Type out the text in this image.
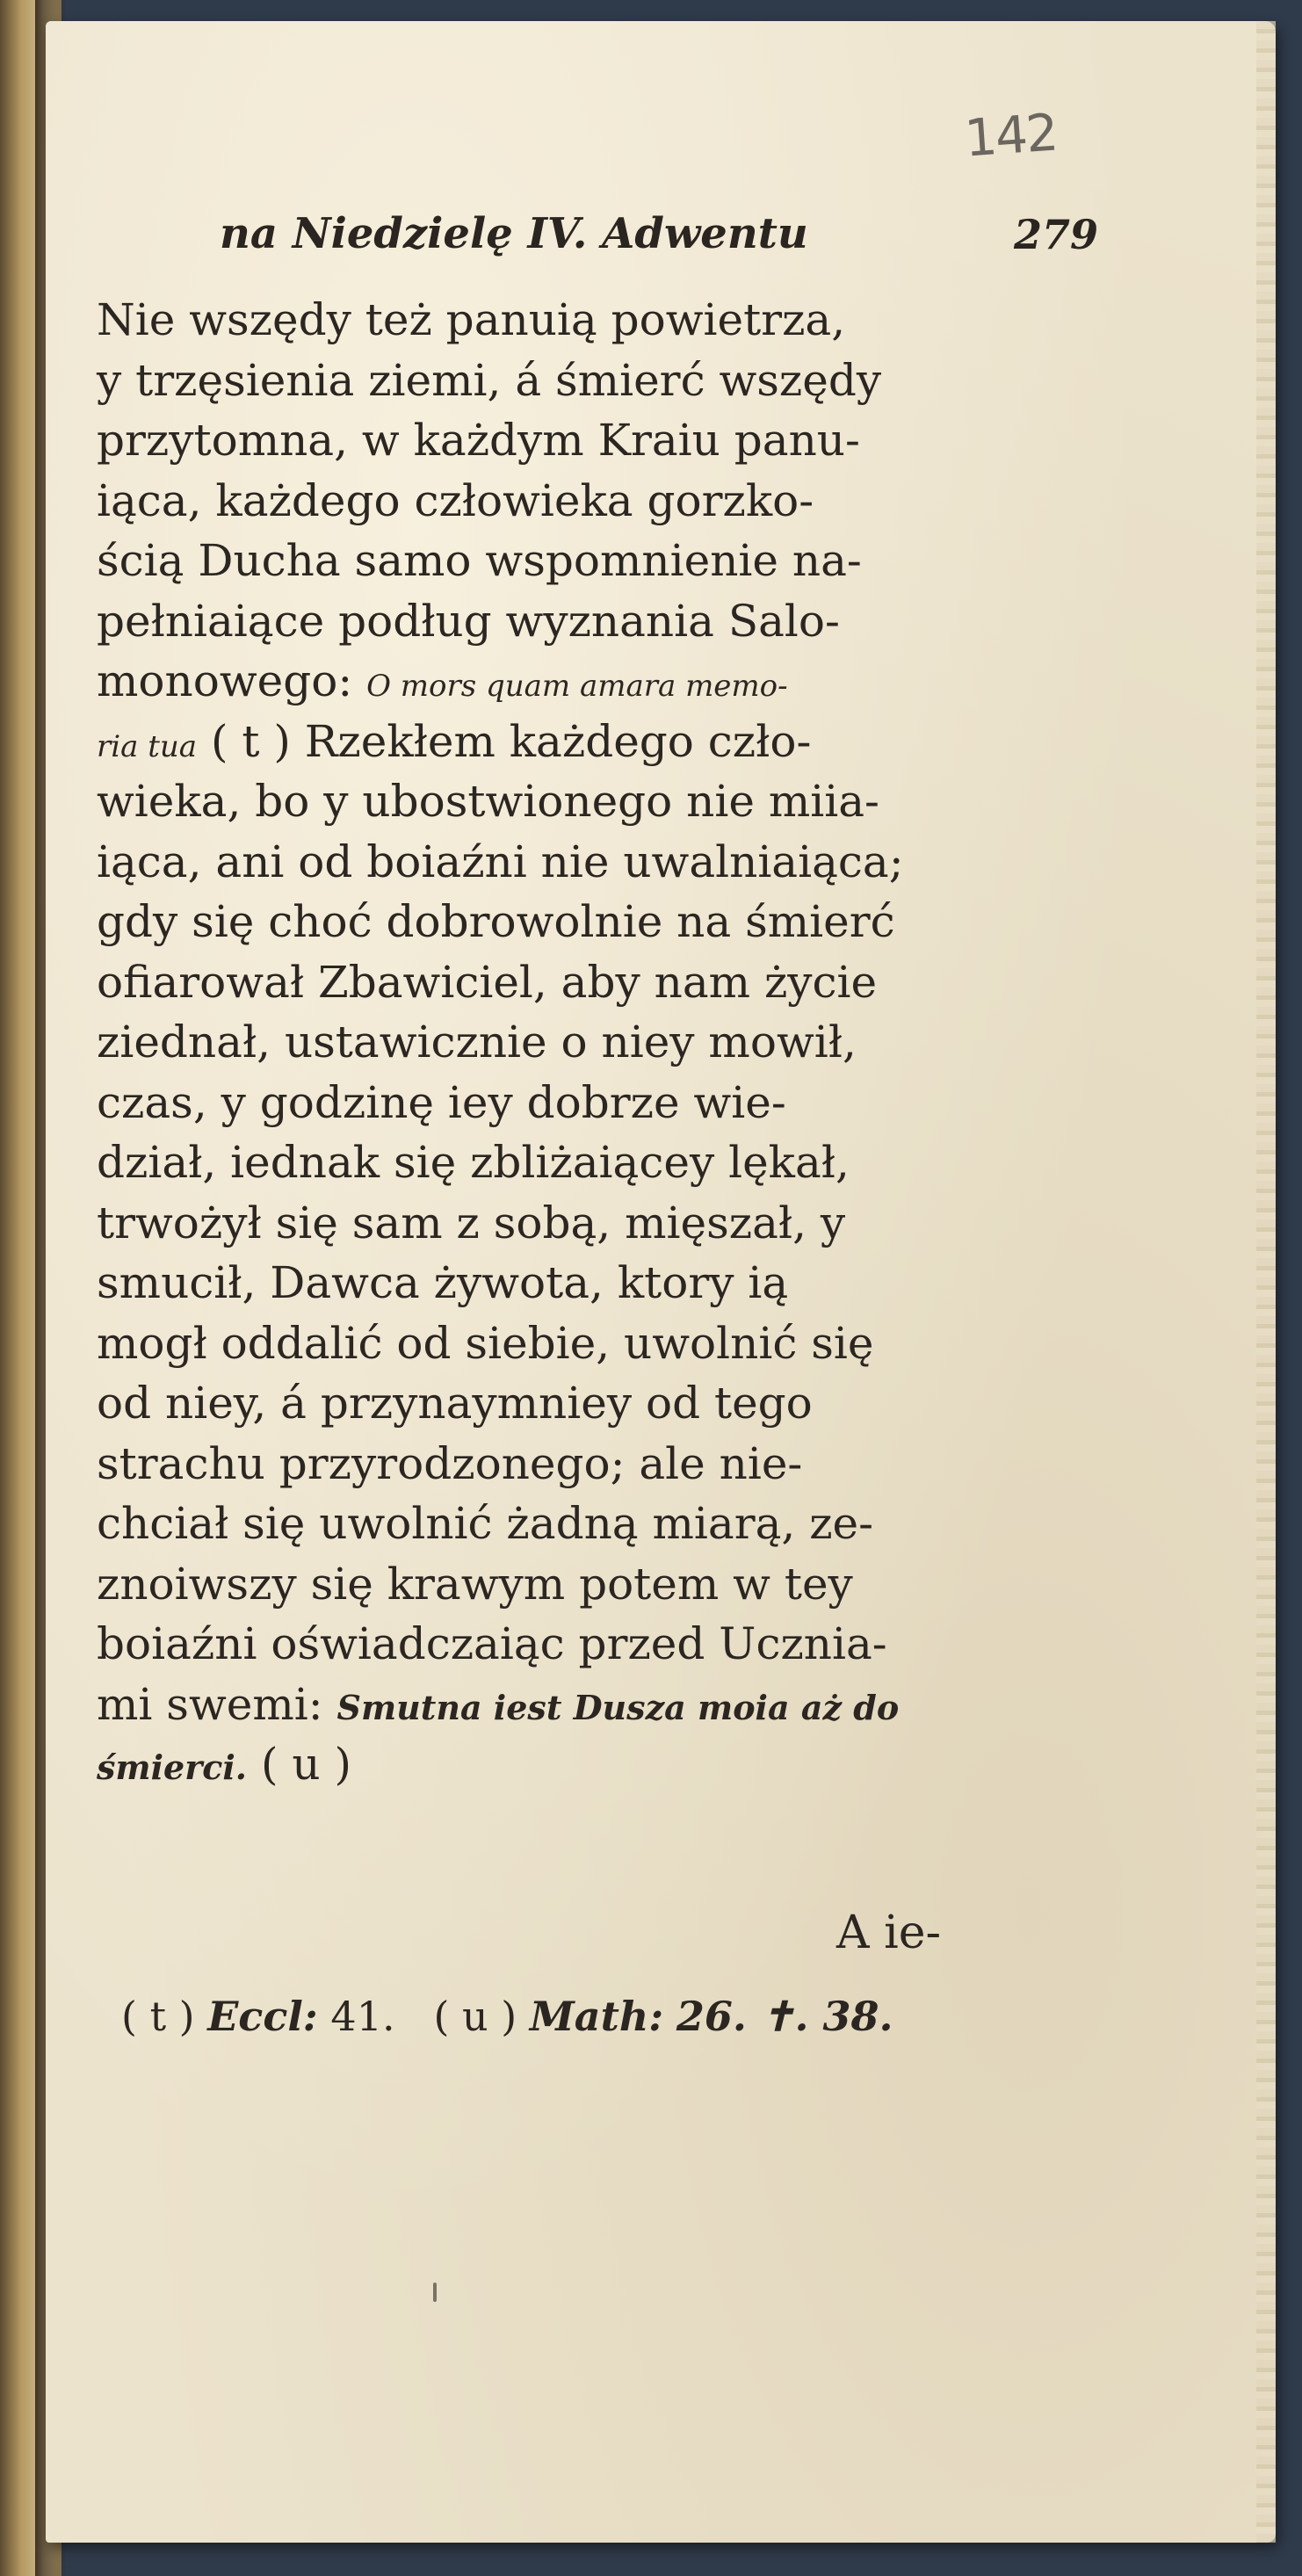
142
na Niedzielę IV. Adwentu	279
Nie wszędy też panuią powietrza,
y trzęsienia ziemi, á śmierć wszędy
przytomna, w każdym Kraiu panu-
iąca, każdego człowieka gorzko-
ścią Ducha samo wspomnienie na-
pełniaiące podług wyznania Salo-
monowego: O mors quam amara memo-
ria tua ( t ) Rzekłem każdego czło-
wieka, bo y ubostwionego nie miia-
iąca, ani od boiaźni nie uwalniaiąca;
gdy się choć dobrowolnie na śmierć
ofiarował Zbawiciel, aby nam życie
ziednał, ustawicznie o niey mowił,
czas, y godzinę iey dobrze wie-
dział, iednak się zbliżaiącey lękał,
trwożył się sam z sobą, mięszał, y
smucił, Dawca żywota, ktory ią
mogł oddalić od siebie, uwolnić się
od niey, á przynaymniey od tego
strachu przyrodzonego; ale nie-
chciał się uwolnić żadną miarą, ze-
znoiwszy się krawym potem w tey
boiaźni oświadczaiąc przed Uczniа-
mi swemi: Smutna iest Dusza moia aż do
śmierci. ( u )
A ie-
( t ) Eccl: 41. ( u ) Math: 26. ✝. 38.
